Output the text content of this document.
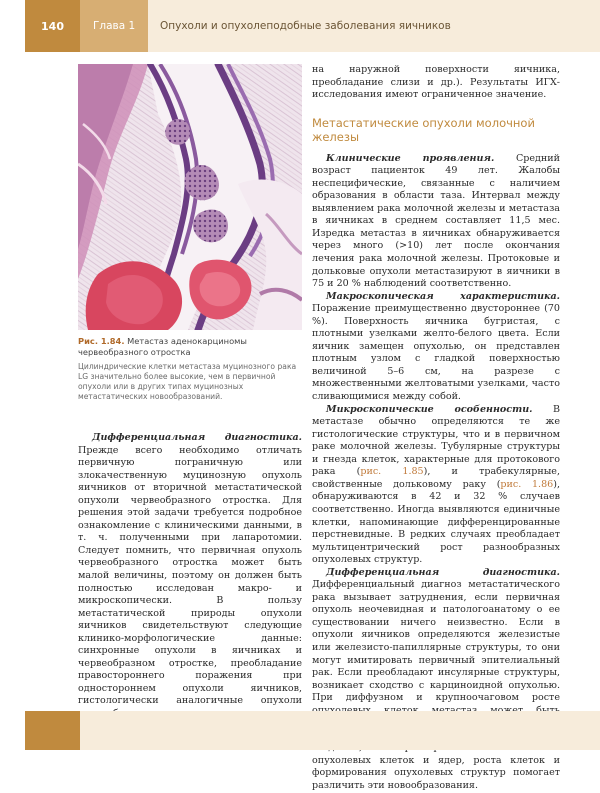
140	Глава 1	Опухоли и опухолеподобные заболевания яичников
Рис. 1.84. Метастаз аденокарциномы червеобразного отростка
Цилиндрические клетки метастаза муцинозного рака LG значительно более высокие, чем в первичной опухоли или в других типах муцинозных метастатических новообразований.

Дифференциальная диагностика. Прежде всего необходимо отличать первичную пограничную или злокачественную муцинозную опухоль яичников от вторичной метастатической опухоли червеобразного отростка. Для решения этой задачи требуется подробное ознакомление с клиническими данными, в т. ч. полученными при лапаротомии. Следует помнить, что первичная опухоль червеобразного отростка может быть малой величины, поэтому он должен быть полностью исследован макро- и микроскопически. В пользу метастатической природы опухоли яичников свидетельствуют следующие клинико-морфологические данные: синхронные опухоли в яичниках и червеобразном отростке, преобладание правостороннего поражения при одностороннем опухоли яичников, гистологически аналогичные опухоли

на наружной поверхности яичника, преобладание слизи и др.). Результаты ИГХ-исследования имеют ограниченное значение.

Метастатические опухоли молочной железы

Клинические проявления. Средний возраст пациенток 49 лет. Жалобы неспецифические, связанные с наличием образования в области таза. Интервал между выявлением рака молочной железы и метастаза в яичниках в среднем составляет 11,5 мес. Изредка метастаз в яичниках обнаруживается через много (>10) лет после окончания лечения рака молочной железы. Протоковые и дольковые опухоли метастазируют в яичники в 75 и 20 % наблюдений соответственно.

Макроскопическая характеристика. Поражение преимущественно двустороннее (70 %). Поверхность яичника бугристая, с плотными узелками желто-белого цвета. Если яичник замещен опухолью, он представлен плотным узлом с гладкой поверхностью величиной 5–6 см, на разрезе с множественными желтоватыми узелками, часто сливающимися между собой.

Микроскопические особенности. В метастазе обычно определяются те же гистологические структуры, что и в первичном раке молочной железы. Тубулярные структуры и гнезда клеток, характерные для протокового рака (рис. 1.85), и трабекулярные, свойственные дольковому раку (рис. 1.86), обнаруживаются в 42 и 32 % случаев соответственно. Иногда выявляются единичные клетки, напоминающие дифференцированные перстневидные. В редких случаях преобладает мультицентрический рост разнообразных опухолевых структур.

Дифференциальная диагностика. Дифференциальный диагноз метастатического рака вызывает затруднения, если первичная опухоль неочевидная и патологоанатому о ее существовании ничего неизвестно. Если в опухоли яичников определяются железистые или железисто-папиллярные структуры, то они могут имитировать первичный эпителиальный рак. Если преобладают инсулярные структуры, возникает сходство с карциноидной опухолью. При диффузном и крупноочаговом росте опухолевых клеток и ядер, роста клеток и формирования опухолевых структур помогает различить эти новообразования.
